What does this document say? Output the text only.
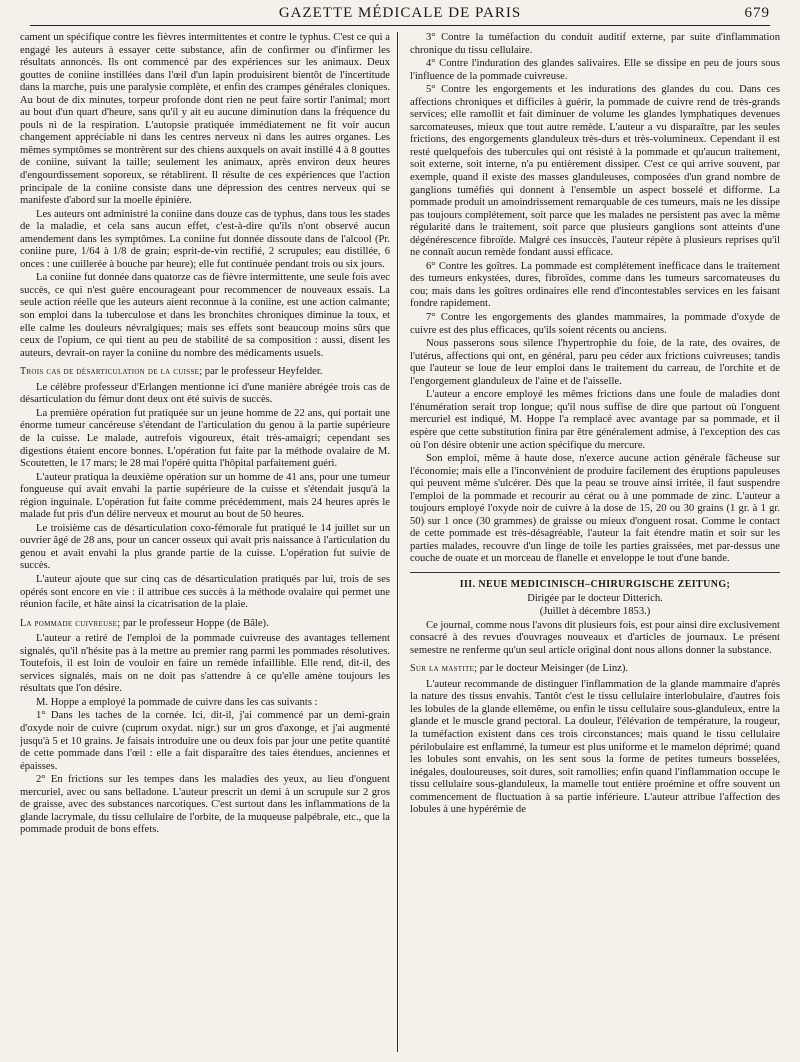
GAZETTE MÉDICALE DE PARIS	679

cament un spécifique contre les fièvres intermittentes et contre le typhus. C'est ce qui a engagé les auteurs à essayer cette substance, afin de confirmer ou d'infirmer les résultats annoncés. Ils ont commencé par des expériences sur les animaux. Deux gouttes de coniine instillées dans l'œil d'un lapin produisirent bientôt de l'incertitude dans la marche, puis une paralysie complète, et enfin des crampes générales cloniques. Au bout de dix minutes, torpeur profonde dont rien ne peut faire sortir l'animal; mort au bout d'un quart d'heure, sans qu'il y ait eu aucune diminution dans la fréquence du pouls ni de la respiration. L'autopsie pratiquée immédiatement ne fit voir aucun changement appréciable ni dans les centres nerveux ni dans les autres organes. Les mêmes symptômes se montrèrent sur des chiens auxquels on avait instillé 4 à 8 gouttes de coniine, suivant la taille; seulement les animaux, après environ deux heures d'engourdissement soporeux, se rétablirent. Il résulte de ces expériences que l'action principale de la coniine consiste dans une dépression des centres nerveux qui se manifeste d'abord sur la moelle épinière.

Les auteurs ont administré la coniine dans douze cas de typhus, dans tous les stades de la maladie, et cela sans aucun effet, c'est-à-dire qu'ils n'ont observé aucun amendement dans les symptômes. La coniine fut donnée dissoute dans de l'alcool (Pr. coniine pure, 1/64 à 1/8 de grain; esprit-de-vin rectifié, 2 scrupules; eau distillée, 6 onces : une cuillerée à bouche par heure); elle fut continuée pendant trois ou six jours.

La coniine fut donnée dans quatorze cas de fièvre intermittente, une seule fois avec succès, ce qui n'est guère encourageant pour recommencer de nouveaux essais. La seule action réelle que les auteurs aient reconnue à la coniine, est une action calmante; son emploi dans la tuberculose et dans les bronchites chroniques diminue la toux, et elle calme les douleurs névralgiques; mais ses effets sont beaucoup moins sûrs que ceux de l'opium, ce qui tient au peu de stabilité de sa composition : aussi, disent les auteurs, devrait-on rayer la coniine du nombre des médicaments usuels.

Trois cas de désarticulation de la cuisse; par le professeur Heyfelder.

Le célèbre professeur d'Erlangen mentionne ici d'une manière abrégée trois cas de désarticulation du fémur dont deux ont été suivis de succès.

La première opération fut pratiquée sur un jeune homme de 22 ans, qui portait une énorme tumeur cancéreuse s'étendant de l'articulation du genou à la partie supérieure de la cuisse. Le malade, autrefois vigoureux, était très-amaigri; cependant ses digestions étaient encore bonnes. L'opération fut faite par la méthode ovalaire de M. Scoutetten, le 17 mars; le 28 mai l'opéré quitta l'hôpital parfaitement guéri.

L'auteur pratiqua la deuxième opération sur un homme de 41 ans, pour une tumeur fongueuse qui avait envahi la partie supérieure de la cuisse et s'étendait jusqu'à la région inguinale. L'opération fut faite comme précédemment, mais 24 heures après le malade fut pris d'un délire nerveux et mourut au bout de 50 heures.

Le troisième cas de désarticulation coxo-fémorale fut pratiqué le 14 juillet sur un ouvrier âgé de 28 ans, pour un cancer osseux qui avait pris naissance à l'articulation du genou et avait envahi la plus grande partie de la cuisse. L'opération fut suivie de succès.

L'auteur ajoute que sur cinq cas de désarticulation pratiqués par lui, trois de ses opérés sont encore en vie : il attribue ces succès à la méthode ovalaire qui permet une réunion facile, et hâte ainsi la cicatrisation de la plaie.

La pommade cuivreuse; par le professeur Hoppe (de Bâle).

L'auteur a retiré de l'emploi de la pommade cuivreuse des avantages tellement signalés, qu'il n'hésite pas à la mettre au premier rang parmi les pommades résolutives. Toutefois, il est loin de vouloir en faire un remède infaillible. Elle rend, dit-il, des services signalés, mais on ne doit pas s'attendre à ce qu'elle amène toujours les résultats que l'on désire.

M. Hoppe a employé la pommade de cuivre dans les cas suivants :

1° Dans les taches de la cornée. Ici, dit-il, j'ai commencé par un demi-grain d'oxyde noir de cuivre (cuprum oxydat. nigr.) sur un gros d'axonge, et j'ai augmenté jusqu'à 5 et 10 grains. Je faisais introduire une ou deux fois par jour une petite quantité de cette pommade dans l'œil : elle a fait disparaître des taies étendues, anciennes et épaisses.

2° En frictions sur les tempes dans les maladies des yeux, au lieu d'onguent mercuriel, avec ou sans belladone. L'auteur prescrit un demi à un scrupule sur 2 gros de graisse, avec des substances narcotiques. C'est surtout dans les inflammations de la glande lacrymale, du tissu cellulaire de l'orbite, de la muqueuse palpébrale, etc., que la pommade produit de bons effets.

3° Contre la tuméfaction du conduit auditif externe, par suite d'inflammation chronique du tissu cellulaire.

4° Contre l'induration des glandes salivaires. Elle se dissipe en peu de jours sous l'influence de la pommade cuivreuse.

5° Contre les engorgements et les indurations des glandes du cou. Dans ces affections chroniques et difficiles à guérir, la pommade de cuivre rend de très-grands services; elle ramollit et fait diminuer de volume les glandes lymphatiques devenues sarcomateuses, mieux que tout autre remède. L'auteur a vu disparaître, par les seules frictions, des engorgements glanduleux très-durs et très-volumineux. Cependant il est resté quelquefois des tubercules qui ont résisté à la pommade et qu'aucun traitement, soit externe, soit interne, n'a pu entièrement dissiper. C'est ce qui arrive souvent, par exemple, quand il existe des masses glanduleuses, composées d'un grand nombre de ganglions tuméfiés qui donnent à l'ensemble un aspect bosselé et difforme. La pommade produit un amoindrissement remarquable de ces tumeurs, mais ne les dissipe pas toujours complétement, soit parce que les malades ne persistent pas avec la même régularité dans le traitement, soit parce que plusieurs ganglions sont atteints d'une dégénérescence fibroïde. Malgré ces insuccès, l'auteur répète à plusieurs reprises qu'il ne connaît aucun remède fondant aussi efficace.

6° Contre les goîtres. La pommade est complétement inefficace dans le traitement des tumeurs enkystées, dures, fibroïdes, comme dans les tumeurs sarcomateuses du cou; mais dans les goîtres ordinaires elle rend d'incontestables services en les faisant fondre rapidement.

7° Contre les engorgements des glandes mammaires, la pommade d'oxyde de cuivre est des plus efficaces, qu'ils soient récents ou anciens.

Nous passerons sous silence l'hypertrophie du foie, de la rate, des ovaires, de l'utérus, affections qui ont, en général, paru peu céder aux frictions cuivreuses; tandis que l'auteur se loue de leur emploi dans le traitement du carreau, de l'orchite et de l'engorgement glanduleux de l'aine et de l'aisselle.

L'auteur a encore employé les mêmes frictions dans une foule de maladies dont l'énumération serait trop longue; qu'il nous suffise de dire que partout où l'onguent mercuriel est indiqué, M. Hoppe l'a remplacé avec avantage par sa pommade, et il espère que cette substitution finira par être généralement admise, à l'exception des cas où l'on désire obtenir une action spécifique du mercure.

Son emploi, même à haute dose, n'exerce aucune action générale fâcheuse sur l'économie; mais elle a l'inconvénient de produire facilement des éruptions papuleuses qui peuvent même s'ulcérer. Dès que la peau se trouve ainsi irritée, il faut suspendre l'emploi de la pommade et recourir au cérat ou à une pommade de zinc. L'auteur a toujours employé l'oxyde noir de cuivre à la dose de 15, 20 ou 30 grains (1 gr. à 1 gr. 50) sur 1 once (30 grammes) de graisse ou mieux d'onguent rosat. Comme le contact de cette pommade est très-désagréable, l'auteur la fait étendre matin et soir sur les parties malades, recouvre d'un linge de toile les parties graissées, met par-dessus une couche de ouate et un morceau de flanelle et enveloppe le tout d'une bande.

III. NEUE MEDICINISCH–CHIRURGISCHE ZEITUNG;

Dirigée par le docteur Ditterich.

(Juillet à décembre 1853.)

Ce journal, comme nous l'avons dit plusieurs fois, est pour ainsi dire exclusivement consacré à des revues d'ouvrages nouveaux et d'articles de journaux. Le présent semestre ne renferme qu'un seul article original dont nous allons donner la substance.

Sur la mastite; par le docteur Meisinger (de Linz).

L'auteur recommande de distinguer l'inflammation de la glande mammaire d'après la nature des tissus envahis. Tantôt c'est le tissu cellulaire interlobulaire, d'autres fois les lobules de la glande ellemême, ou enfin le tissu cellulaire sous-glanduleux, entre la glande et le muscle grand pectoral. La douleur, l'élévation de température, la rougeur, la tuméfaction existent dans ces trois circonstances; mais quand le tissu cellulaire périlobulaire est enflammé, la tumeur est plus uniforme et le mamelon déprimé; quand les lobules sont envahis, on les sent sous la forme de petites tumeurs bosselées, inégales, douloureuses, soit dures, soit ramollies; enfin quand l'inflammation occupe le tissu cellulaire sous-glanduleux, la mamelle tout entière proémine et offre souvent un commencement de fluctuation à sa partie inférieure. L'auteur attribue l'affection des lobules à une hypérémie de
